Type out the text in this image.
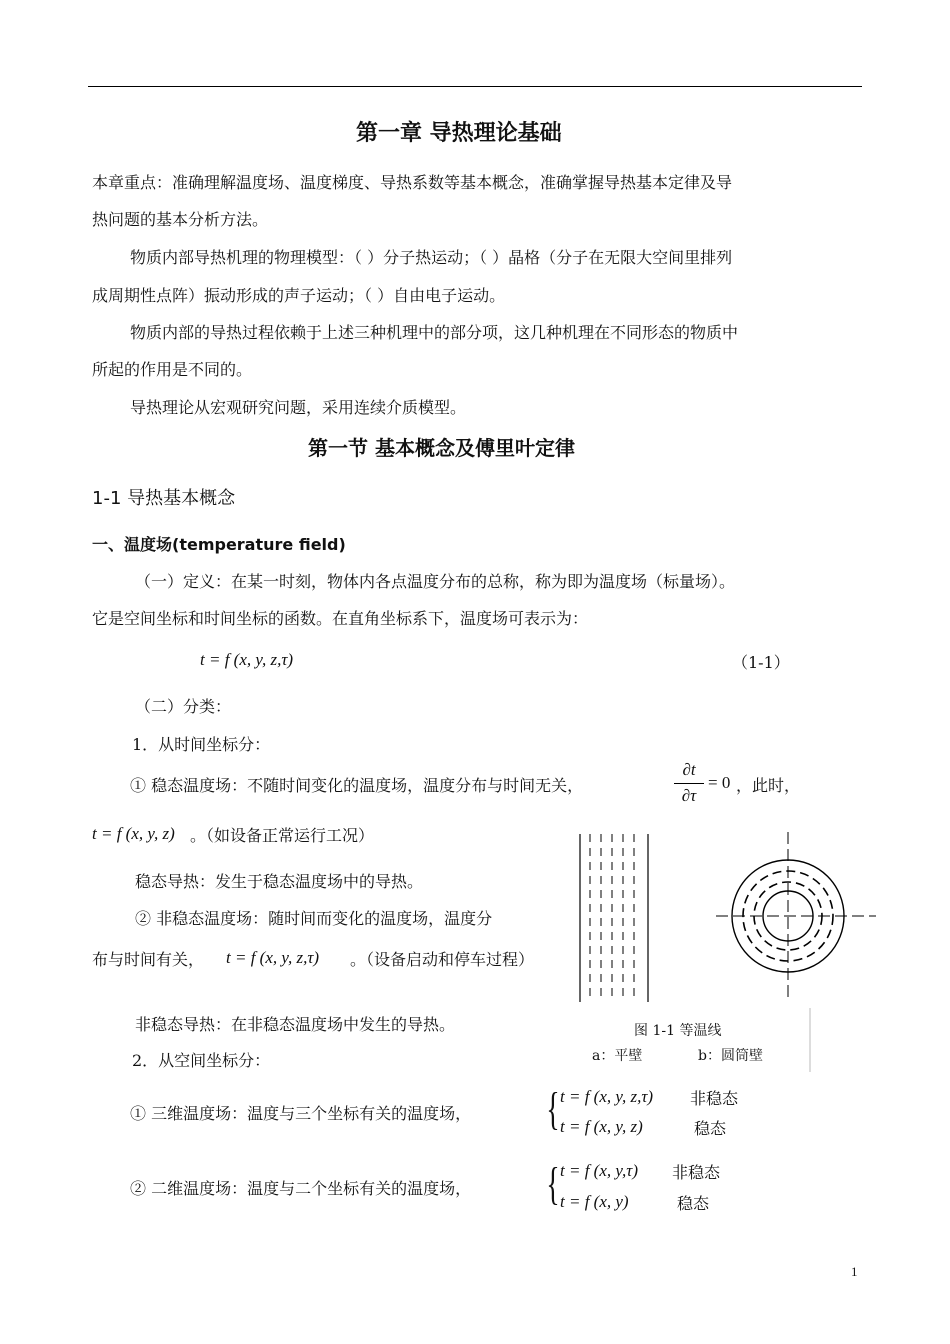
第一章 导热理论基础
本章重点：准确理解温度场、温度梯度、导热系数等基本概念，准确掌握导热基本定律及导
热问题的基本分析方法。
物质内部导热机理的物理模型：（ ）分子热运动；（ ）晶格（分子在无限大空间里排列
成周期性点阵）振动形成的声子运动；（ ）自由电子运动。
物质内部的导热过程依赖于上述三种机理中的部分项，这几种机理在不同形态的物质中
所起的作用是不同的。
导热理论从宏观研究问题，采用连续介质模型。
第一节 基本概念及傅里叶定律
1-1 导热基本概念
一、温度场(temperature field)
（一）定义：在某一时刻，物体内各点温度分布的总称，称为即为温度场（标量场）。
它是空间坐标和时间坐标的函数。在直角坐标系下，温度场可表示为：
t = f (x, y, z,τ)	（1-1）
（二）分类：
1．从时间坐标分：
① 稳态温度场：不随时间变化的温度场，温度分布与时间无关，
∂t
∂τ
= 0 ，此时，
t = f (x, y, z) 。（如设备正常运行工况）
稳态导热：发生于稳态温度场中的导热。
② 非稳态温度场：随时间而变化的温度场，温度分
布与时间有关， t = f (x, y, z,τ) 。（设备启动和停车过程）
非稳态导热：在非稳态温度场中发生的导热。
2．从空间坐标分：
图 1-1 等温线
a：平壁	b：圆筒壁
① 三维温度场：温度与三个坐标有关的温度场， { t = f (x, y, z,τ) 非稳态
t = f (x, y, z)	稳态
② 二维温度场：温度与二个坐标有关的温度场， { t = f (x, y,τ) 非稳态
t = f (x, y)	稳态
1
